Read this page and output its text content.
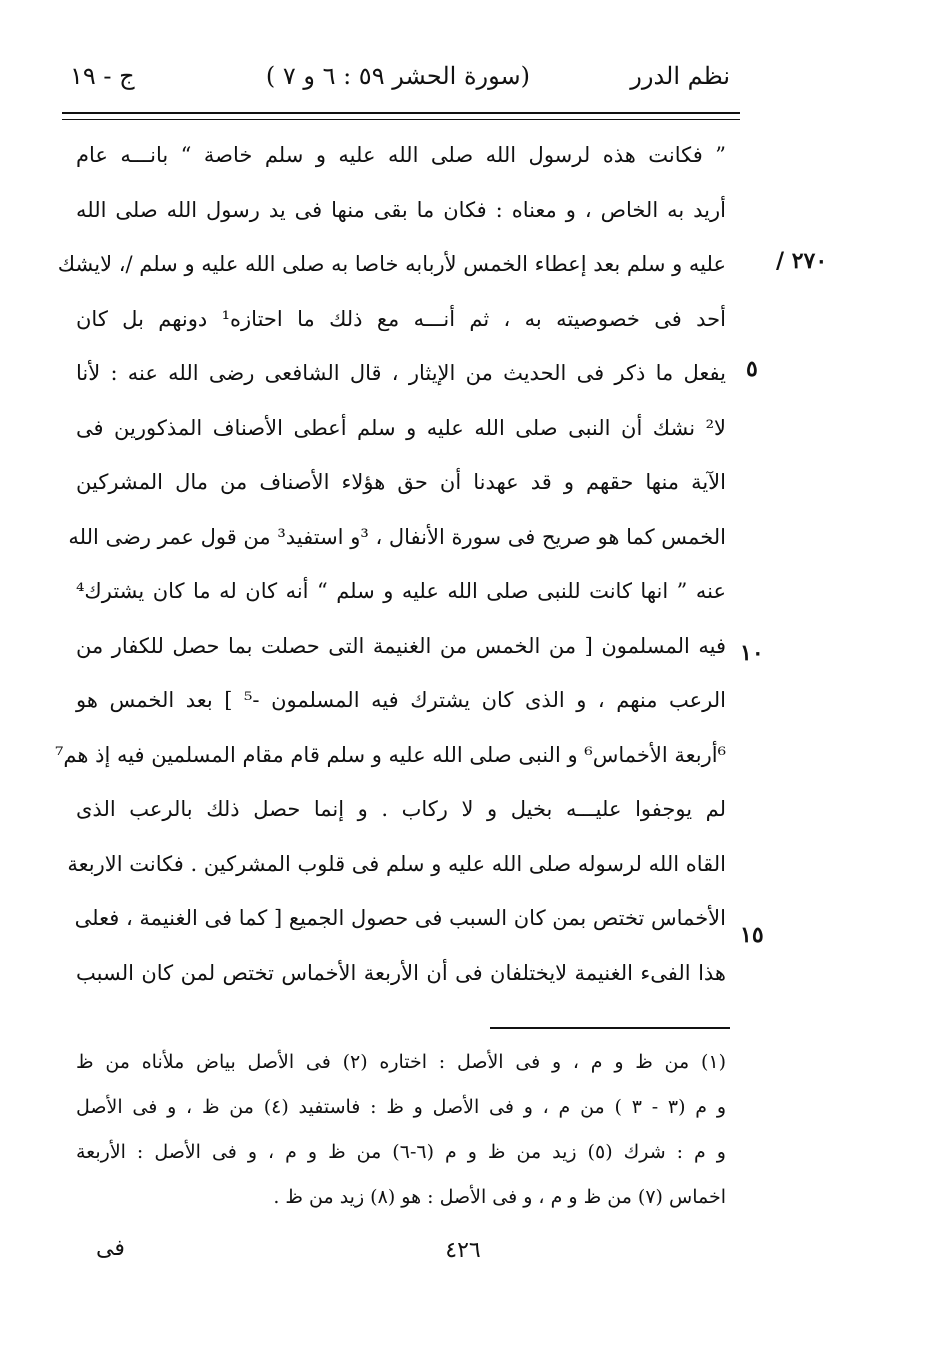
نظم الدرر
(سورة الحشر ٥٩ : ٦ و ٧ )
ج - ١٩
٢٧٠ /
٥
١٠
١٥
” فكانت هذه لرسول الله صلى الله عليه و سلم خاصة “ بانـــه عام
أريد به الخاص ، و معناه : فكان ما بقى منها فى يد رسول الله صلى الله
عليه و سلم بعد إعطاء الخمس لأربابه خاصا به صلى الله عليه و سلم /، لايشك
أحد فى خصوصيته به ، ثم أنـــه مع ذلك ما احتازه¹ دونهم بل كان
يفعل ما ذكر فى الحديث من الإيثار ، قال الشافعى رضى الله عنه : لأنا
لا² نشك أن النبى صلى الله عليه و سلم أعطى الأصناف المذكورين فى
الآية منها حقهم و قد عهدنا أن حق هؤلاء الأصناف من مال المشركين
الخمس كما هو صريح فى سورة الأنفال ، ³و استفيد³ من قول عمر رضى الله
عنه ” انها كانت للنبى صلى الله عليه و سلم “ أنه كان له ما كان يشترك⁴
فيه المسلمون [ من الخمس من الغنيمة التى حصلت بما حصل للكفار من
الرعب منهم ، و الذى كان يشترك فيه المسلمون -⁵ ] بعد الخمس هو
⁶أربعة الأخماس⁶ و النبى صلى الله عليه و سلم قام مقام المسلمين فيه إذ هم⁷
لم يوجفوا عليـــه بخيل و لا ركاب . و إنما حصل ذلك بالرعب الذى
القاه الله لرسوله صلى الله عليه و سلم فى قلوب المشركين . فكانت الاربعة
الأخماس تختص بمن كان السبب فى حصول الجميع [ كما فى الغنيمة ، فعلى
هذا الفىء الغنيمة لايختلفان فى أن الأربعة الأخماس تختص لمن كان السبب
(١) من ظ و م ، و فى الأصل : اختاره (٢) فى الأصل بياض ملأناه من ظ
و م (٣ - ٣ ) من م ، و فى الأصل و ظ : فاستفيد (٤) من ظ ، و فى الأصل
و م : شرك (٥) زيد من ظ و م (٦-٦) من ظ و م ، و فى الأصل : الأربعة
اخماس (٧) من ظ و م ، و فى الأصل : هو (٨) زيد من ظ .
٤٢٦
فى
